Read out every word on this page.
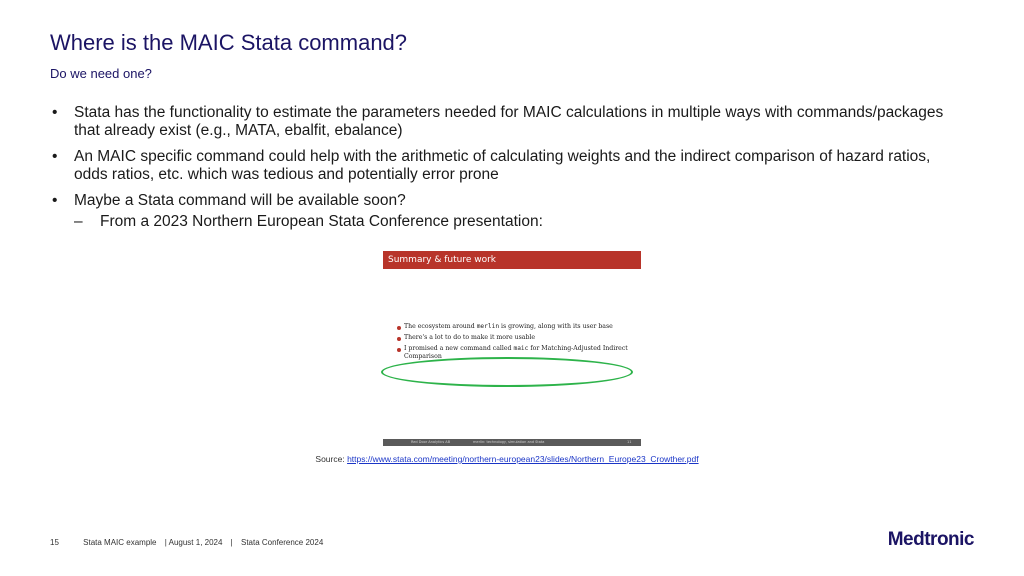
Where is the MAIC Stata command?
Do we need one?
• Stata has the functionality to estimate the parameters needed for MAIC calculations in multiple ways with commands/packages that already exist (e.g., MATA, ebalfit, ebalance)
• An MAIC specific command could help with the arithmetic of calculating weights and the indirect comparison of hazard ratios, odds ratios, etc. which was tedious and potentially error prone
• Maybe a Stata command will be available soon?
– From a 2023 Northern European Stata Conference presentation:
Summary & future work
The ecosystem around merlin is growing, along with its user base
There's a lot to do to make it more usable
I promised a new command called maic for Matching-Adjusted Indirect Comparison
Red Door Analytics AB	merlin: technology, simulation and Stata	11
Source: https://www.stata.com/meeting/northern-european23/slides/Northern_Europe23_Crowther.pdf
15	Stata MAIC example | August 1, 2024 | Stata Conference 2024	Medtronic
